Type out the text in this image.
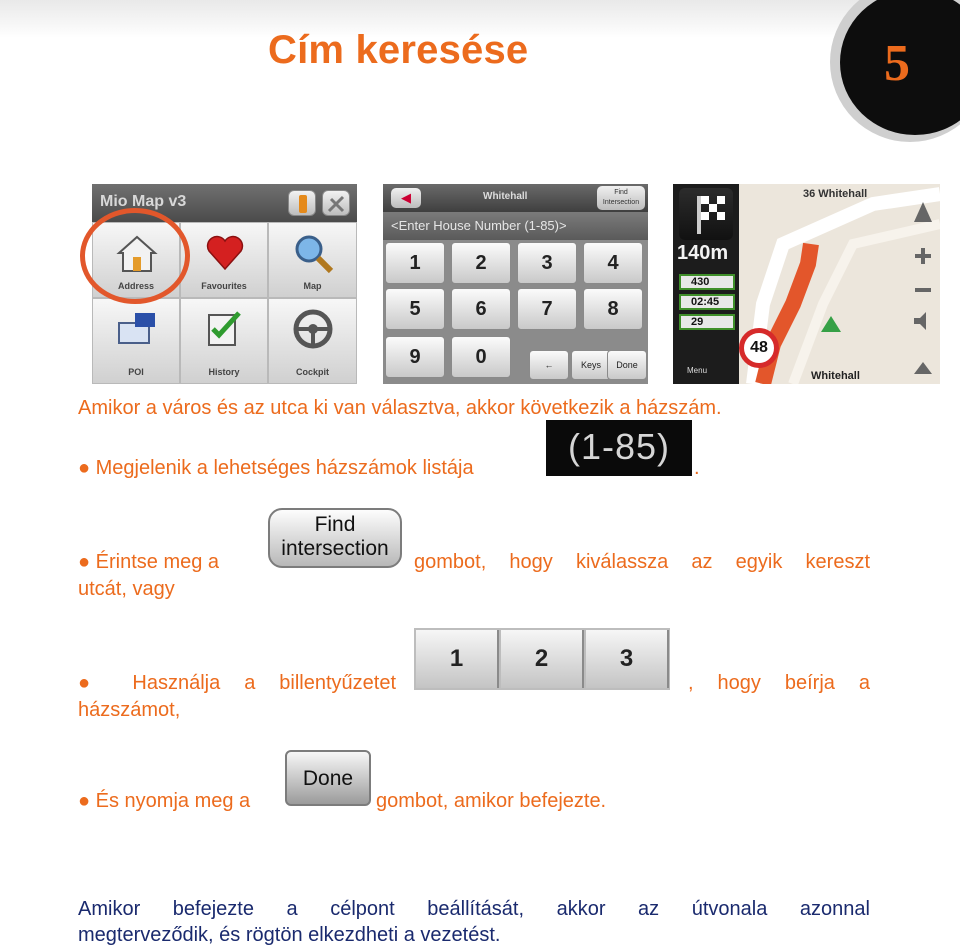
Cím keresése	5
Mio Map v3
Address	Favourites	Map
POI	History	Cockpit
◀	Whitehall	Find Intersection
<Enter House Number (1-85)>
1	2	3	4
5	6	7	8
9	0	←	Keys	Done
140m
430
02:45
29
Menu
36 Whitehall
48
Whitehall
Amikor a város és az utca ki van választva, akkor következik a házszám.
● Megjelenik a lehetséges házszámok listája
(1-85)
.
● Érintse meg a
Find
intersection
gombot, hogy kiválassza az egyik kereszt
utcát, vagy
● Használja a billentyűzetet
1	2	3
, hogy beírja a
házszámot,
● És nyomja meg a
Done
gombot, amikor befejezte.
Amikor befejezte a célpont beállítását, akkor az útvonala azonnal
megterveződik, és rögtön elkezdheti a vezetést.
